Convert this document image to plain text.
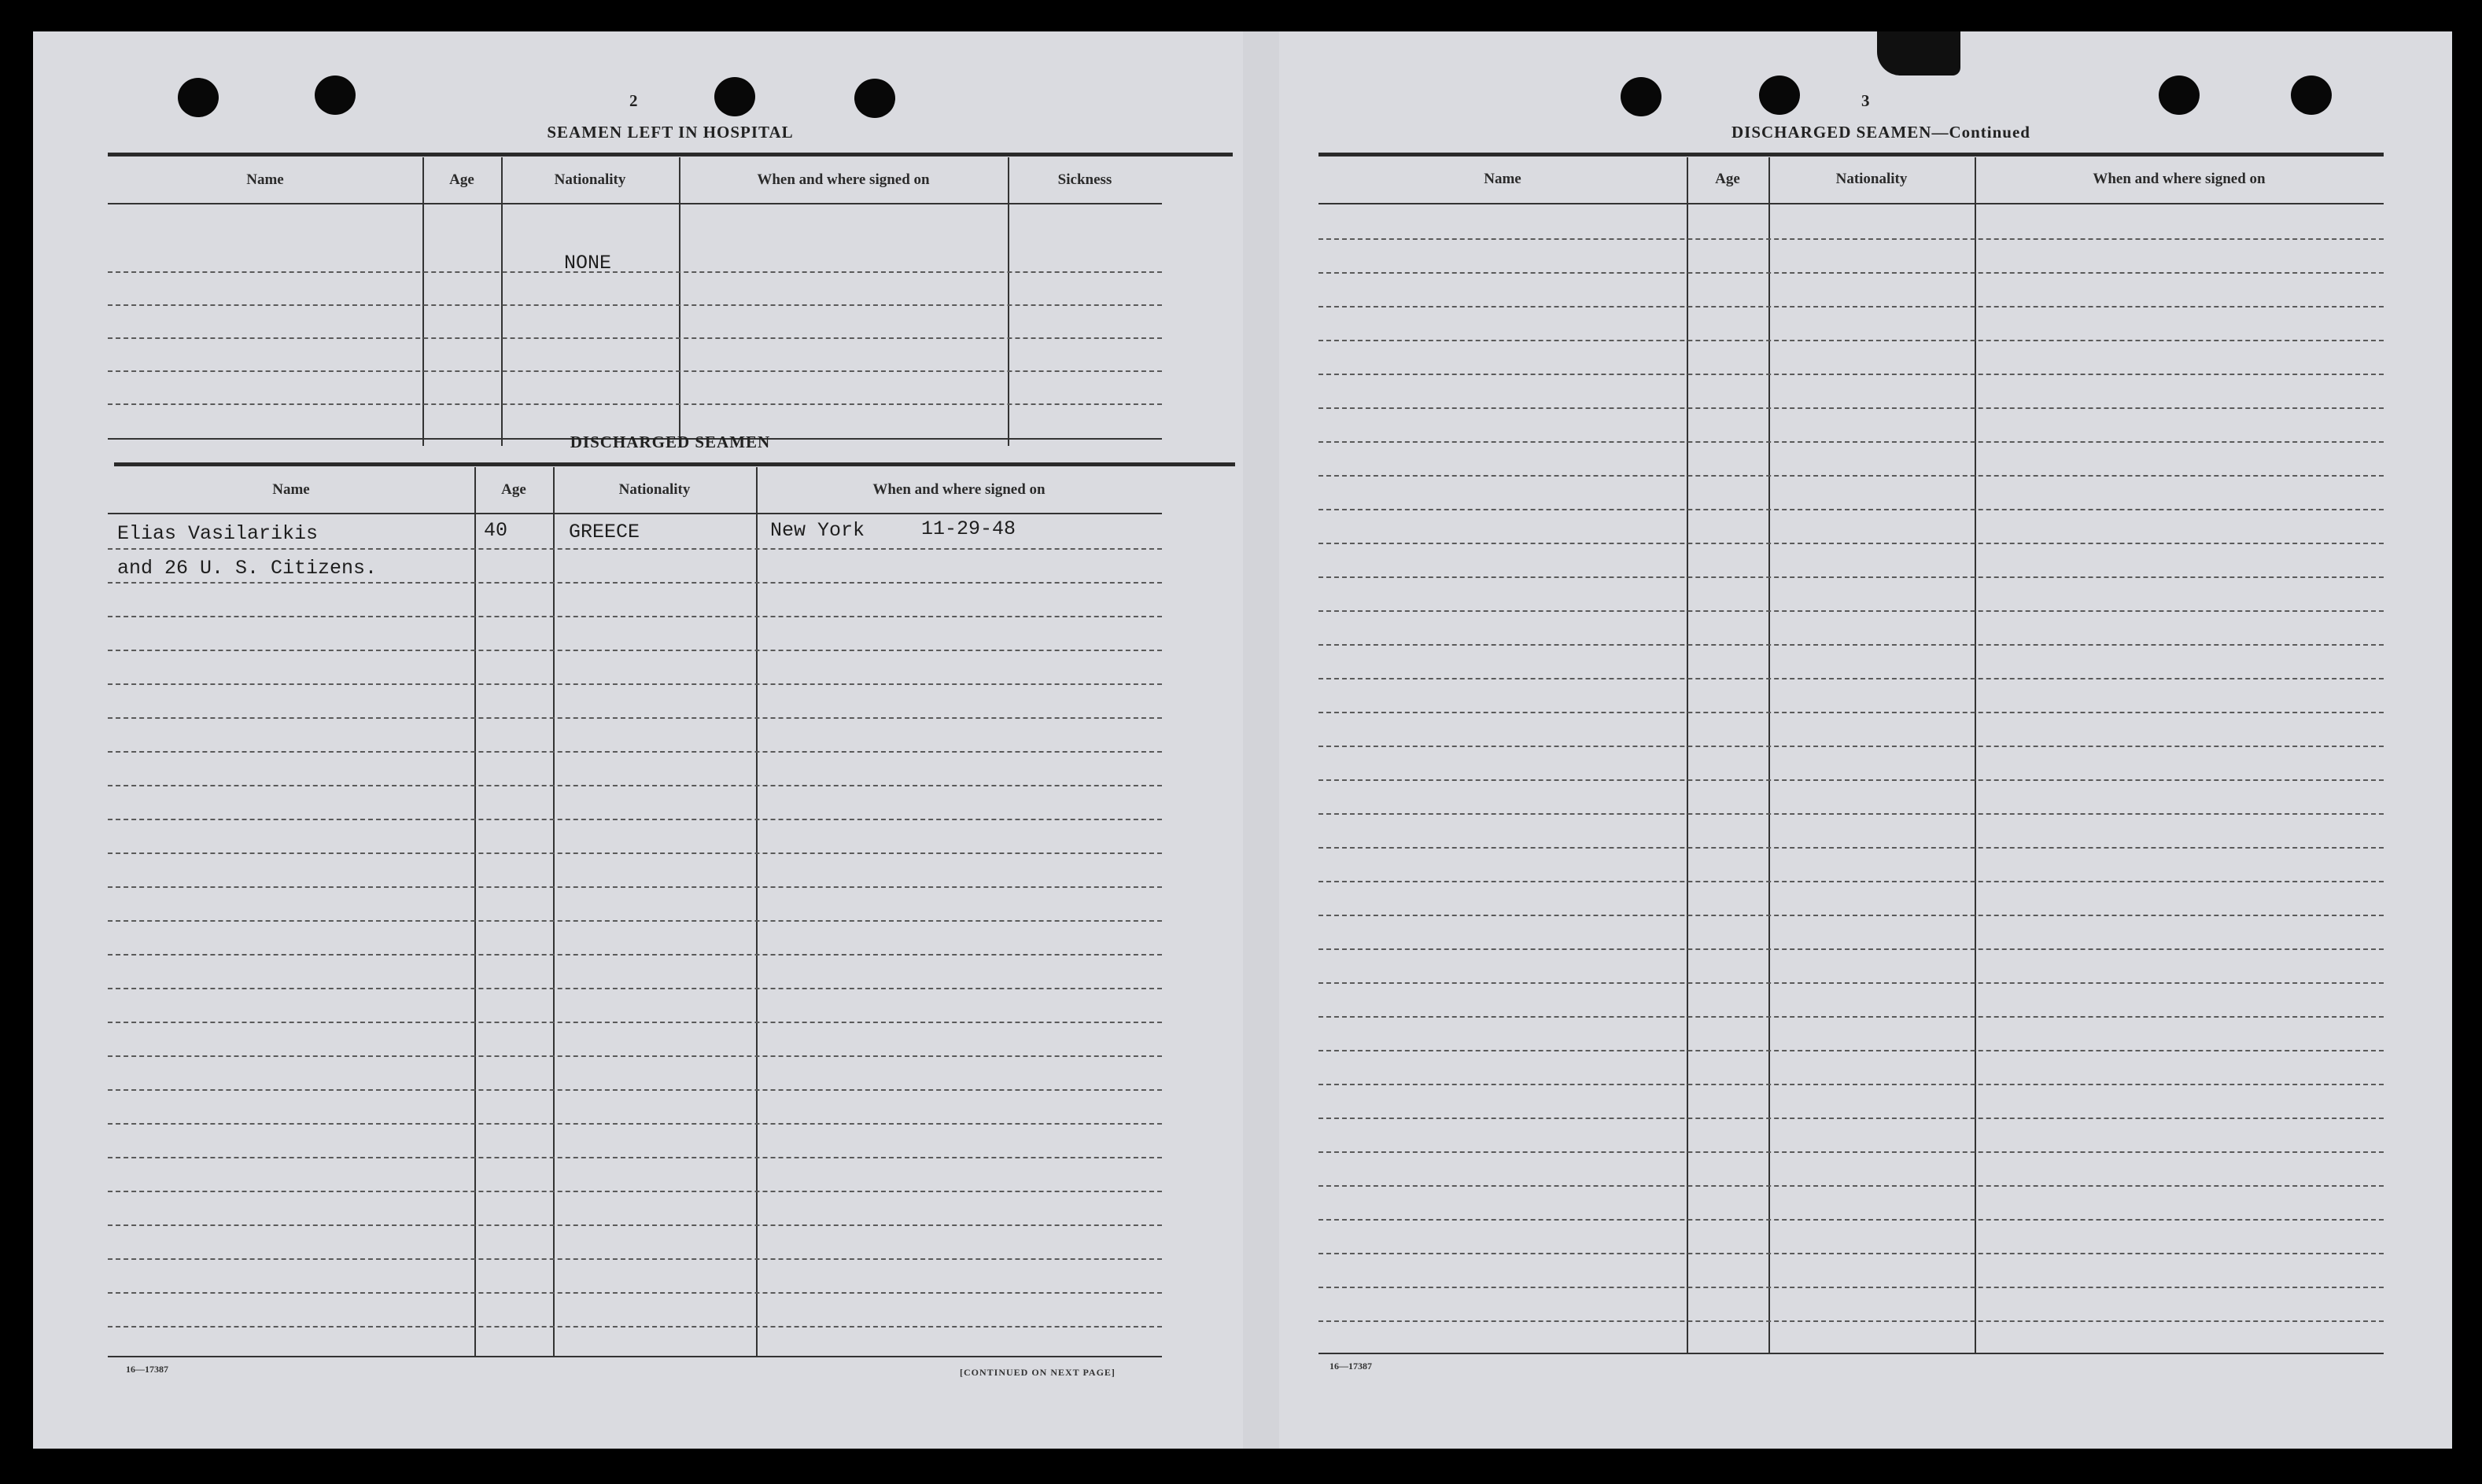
2
SEAMEN LEFT IN HOSPITAL
Name	Age	Nationality	When and where signed on	Sickness
NONE
DISCHARGED SEAMEN
Name	Age	Nationality	When and where signed on
Elias Vasilarikis	40	GREECE	New York	11-29-48
and 26 U. S. Citizens.
16—17387	[CONTINUED ON NEXT PAGE]
3
DISCHARGED SEAMEN—Continued
Name	Age	Nationality	When and where signed on
16—17387
